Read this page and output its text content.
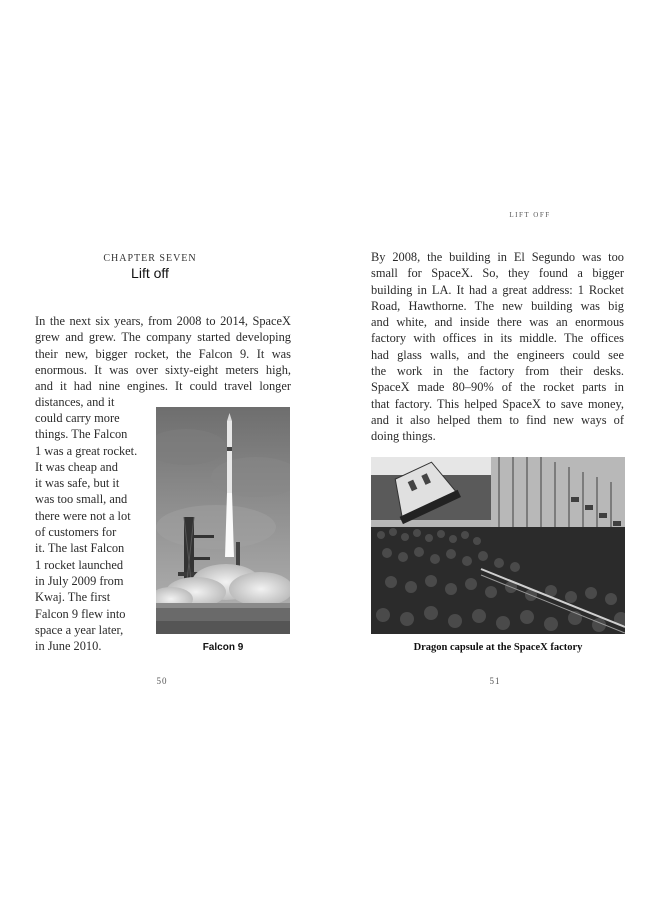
CHAPTER SEVEN
Lift off

In the next six years, from 2008 to 2014, SpaceX
grew and grew. The company started developing
their new, bigger rocket, the Falcon 9. It was
enormous. It was over sixty-eight meters high,
and it had nine engines. It could travel longer
distances, and it

could carry more
things. The Falcon
1 was a great rocket.
It was cheap and
it was safe, but it
was too small, and
there were not a lot
of customers for
it. The last Falcon
1 rocket launched
in July 2009 from
Kwaj. The first
Falcon 9 flew into
space a year later,
in June 2010.	Falcon 9
50
LIFT OFF
By 2008, the building in El Segundo was too
small for SpaceX. So, they found a bigger
building in LA. It had a great address: 1 Rocket
Road, Hawthorne. The new building was big
and white, and inside there was an enormous
factory with offices in its middle. The offices
had glass walls, and the engineers could see
the work in the factory from their desks.
SpaceX made 80–90% of the rocket parts in
that factory. This helped SpaceX to save money,
and it also helped them to find new ways of
doing things.
Dragon capsule at the SpaceX factory
51
